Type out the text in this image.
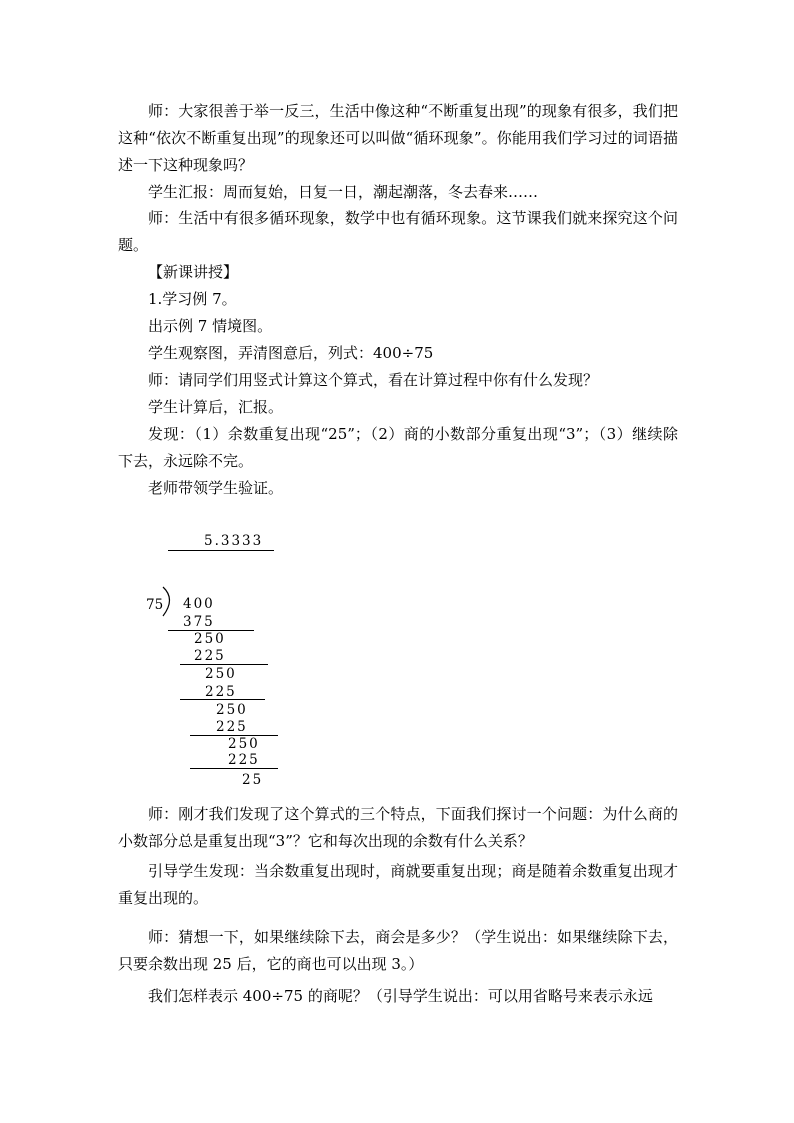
师：大家很善于举一反三，生活中像这种“不断重复出现”的现象有很多，我们把这种“依次不断重复出现”的现象还可以叫做“循环现象”。你能用我们学习过的词语描述一下这种现象吗？

学生汇报：周而复始，日复一日，潮起潮落，冬去春来……

师：生活中有很多循环现象，数学中也有循环现象。这节课我们就来探究这个问题。

【新课讲授】

1.学习例 7。

出示例 7 情境图。

学生观察图，弄清图意后，列式：400÷75

师：请同学们用竖式计算这个算式，看在计算过程中你有什么发现？

学生计算后，汇报。

发现：（1）余数重复出现“25”；（2）商的小数部分重复出现“3”；（3）继续除下去，永远除不完。

老师带领学生验证。

5.3333
75 400
375
250
225
250
225
250
225
250
225
25

师：刚才我们发现了这个算式的三个特点，下面我们探讨一个问题：为什么商的小数部分总是重复出现“3”？它和每次出现的余数有什么关系？

引导学生发现：当余数重复出现时，商就要重复出现；商是随着余数重复出现才重复出现的。

师：猜想一下，如果继续除下去，商会是多少？（学生说出：如果继续除下去，只要余数出现 25 后，它的商也可以出现 3。）

我们怎样表示 400÷75 的商呢？（引导学生说出：可以用省略号来表示永远
